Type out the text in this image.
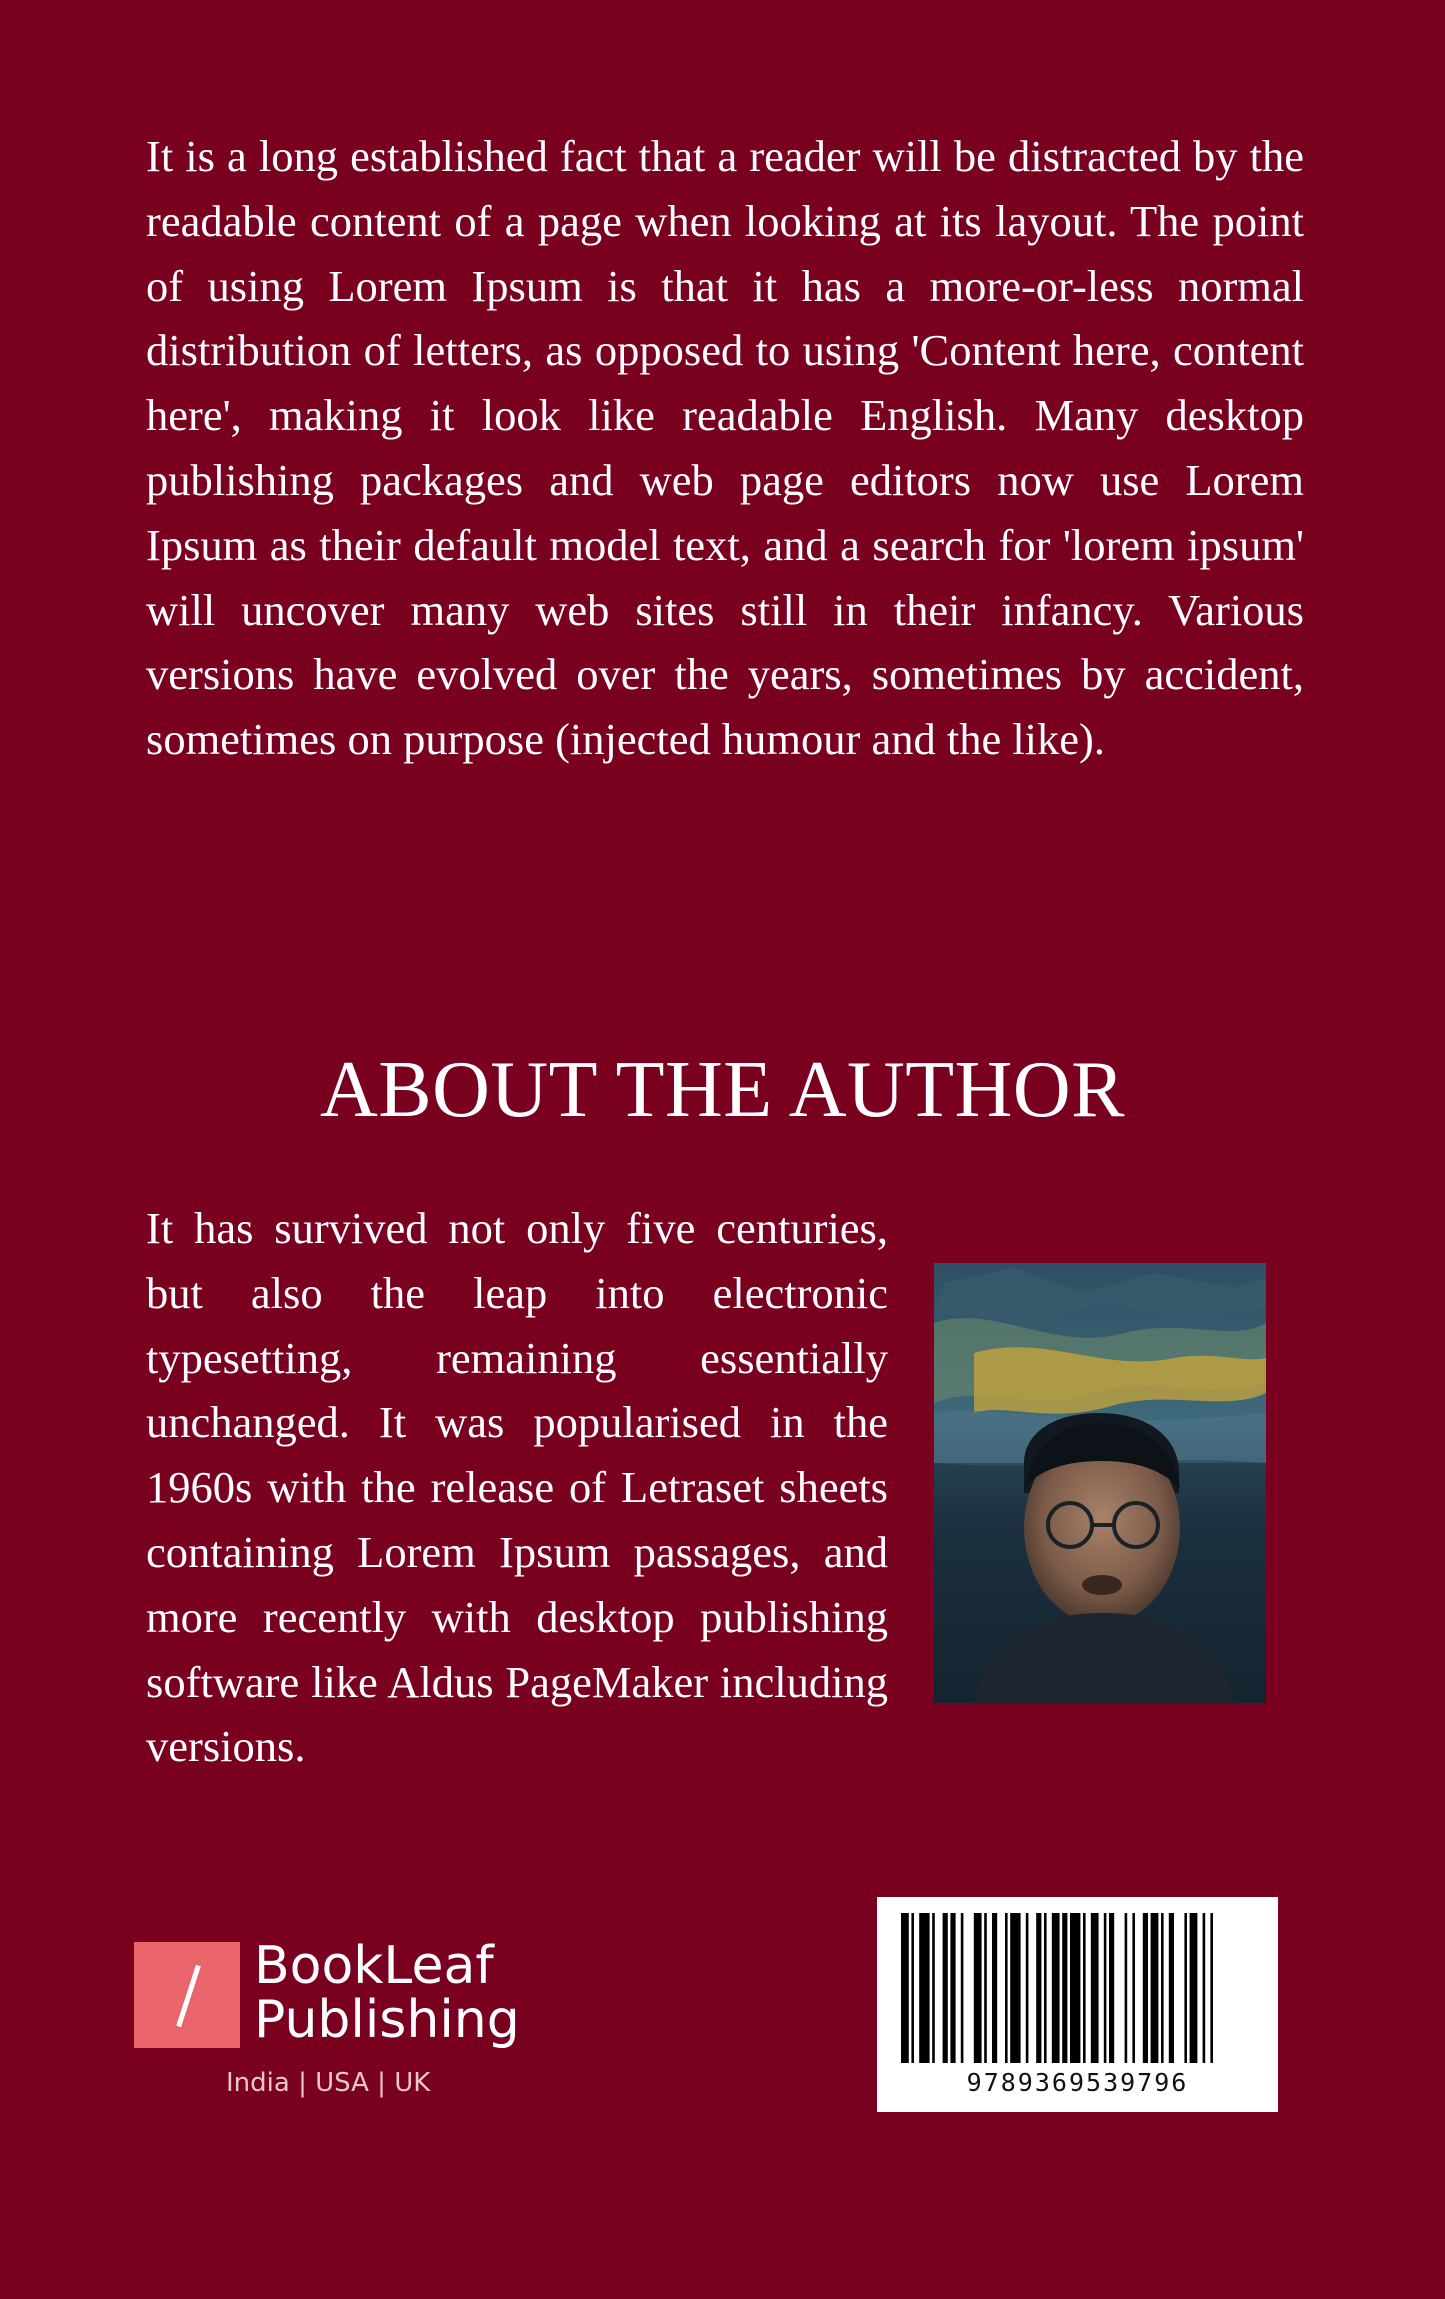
It is a long established fact that a reader will be distracted by the readable content of a page when looking at its layout. The point of using Lorem Ipsum is that it has a more-or-less normal distribution of letters, as opposed to using 'Content here, content here', making it look like readable English. Many desktop publishing packages and web page editors now use Lorem Ipsum as their default model text, and a search for 'lorem ipsum' will uncover many web sites still in their infancy. Various versions have evolved over the years, sometimes by accident, sometimes on purpose (injected humour and the like).

ABOUT THE AUTHOR

It has survived not only five centuries, but also the leap into electronic typesetting, remaining essentially unchanged. It was popularised in the 1960s with the release of Letraset sheets containing Lorem Ipsum passages, and more recently with desktop publishing software like Aldus PageMaker including versions.

BookLeaf
Publishing
India | USA | UK	9789369539796
